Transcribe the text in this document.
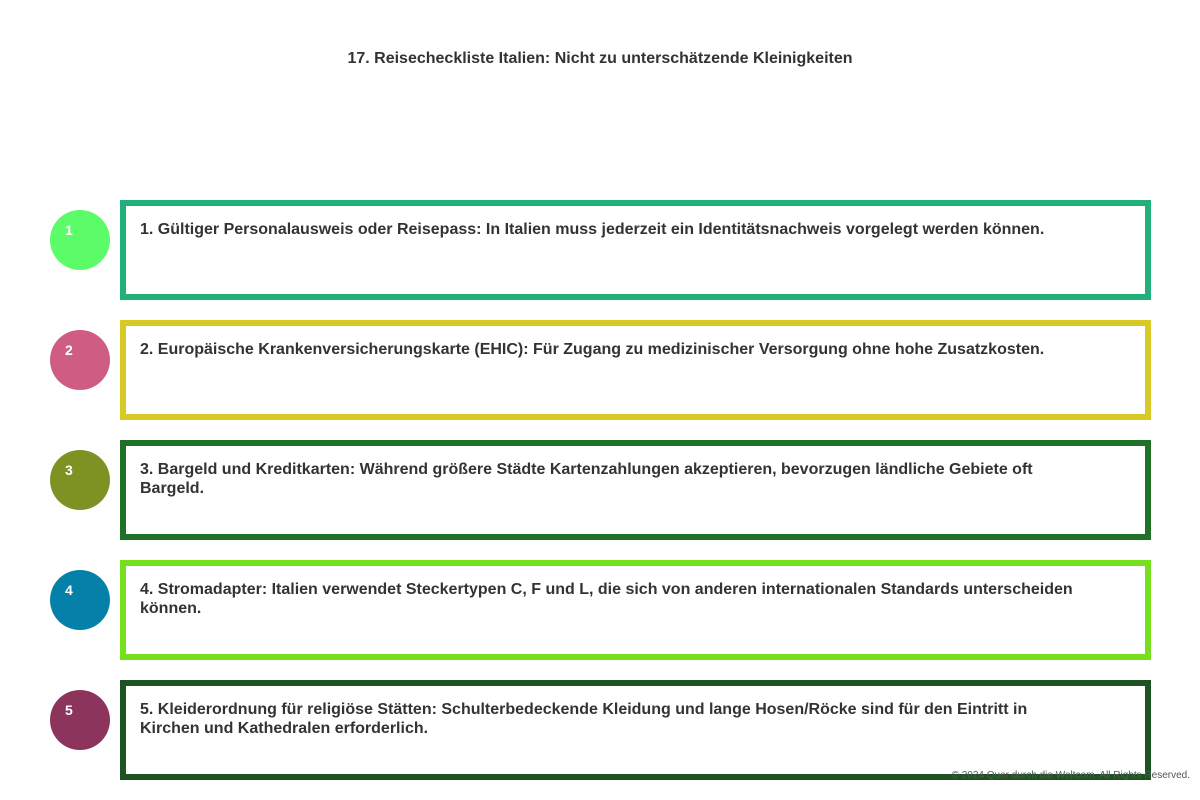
17. Reisecheckliste Italien: Nicht zu unterschätzende Kleinigkeiten
1	1. Gültiger Personalausweis oder Reisepass: In Italien muss jederzeit ein Identitätsnachweis vorgelegt werden können.
2	2. Europäische Krankenversicherungskarte (EHIC): Für Zugang zu medizinischer Versorgung ohne hohe Zusatzkosten.
3	3. Bargeld und Kreditkarten: Während größere Städte Kartenzahlungen akzeptieren, bevorzugen ländliche Gebiete oft Bargeld.
4	4. Stromadapter: Italien verwendet Steckertypen C, F und L, die sich von anderen internationalen Standards unterscheiden können.
5	5. Kleiderordnung für religiöse Stätten: Schulterbedeckende Kleidung und lange Hosen/Röcke sind für den Eintritt in Kirchen und Kathedralen erforderlich.
© 2024 Quer durch die Weltcom. All Rights Reserved.
